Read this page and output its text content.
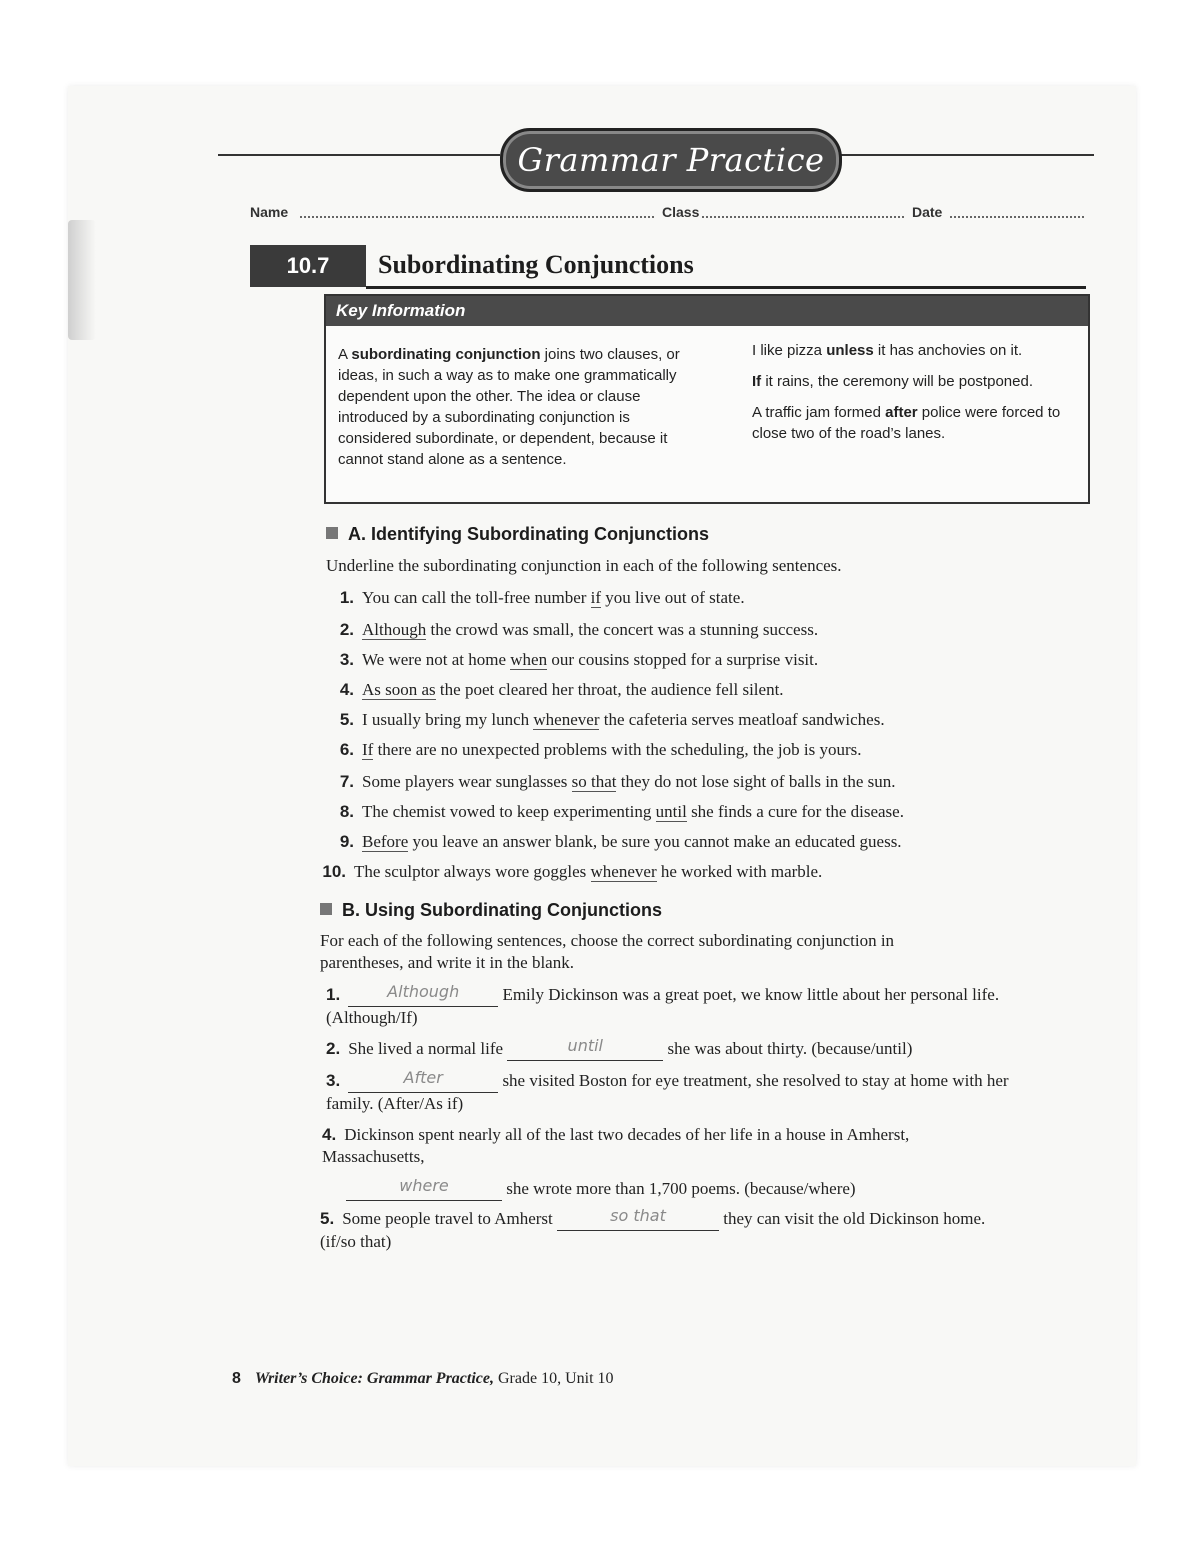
Grammar Practice
Name	Class	Date
10.7	Subordinating Conjunctions
Key Information
A subordinating conjunction joins two clauses, or ideas, in such a way as to make one grammatically dependent upon the other. The idea or clause introduced by a subordinating conjunction is considered subordinate, or dependent, because it cannot stand alone as a sentence.

I like pizza unless it has anchovies on it.

If it rains, the ceremony will be postponed.

A traffic jam formed after police were forced to close two of the road’s lanes.

A. Identifying Subordinating Conjunctions
Underline the subordinating conjunction in each of the following sentences.
1. You can call the toll-free number if you live out of state.
2. Although the crowd was small, the concert was a stunning success.
3. We were not at home when our cousins stopped for a surprise visit.
4. As soon as the poet cleared her throat, the audience fell silent.
5. I usually bring my lunch whenever the cafeteria serves meatloaf sandwiches.
6. If there are no unexpected problems with the scheduling, the job is yours.
7. Some players wear sunglasses so that they do not lose sight of balls in the sun.
8. The chemist vowed to keep experimenting until she finds a cure for the disease.
9. Before you leave an answer blank, be sure you cannot make an educated guess.
10. The sculptor always wore goggles whenever he worked with marble.
B. Using Subordinating Conjunctions
For each of the following sentences, choose the correct subordinating conjunction in parentheses, and write it in the blank.
1.	Although Emily Dickinson was a great poet, we know little about her personal life. (Although/If)
2. She lived a normal life	until	she was about thirty. (because/until)
3.	After	she visited Boston for eye treatment, she resolved to stay at home with her family. (After/As if)
4. Dickinson spent nearly all of the last two decades of her life in a house in Amherst, Massachusetts,
where	she wrote more than 1,700 poems. (because/where)
5. Some people travel to Amherst	so that	they can visit the old Dickinson home. (if/so that)
8 Writer’s Choice: Grammar Practice, Grade 10, Unit 10
